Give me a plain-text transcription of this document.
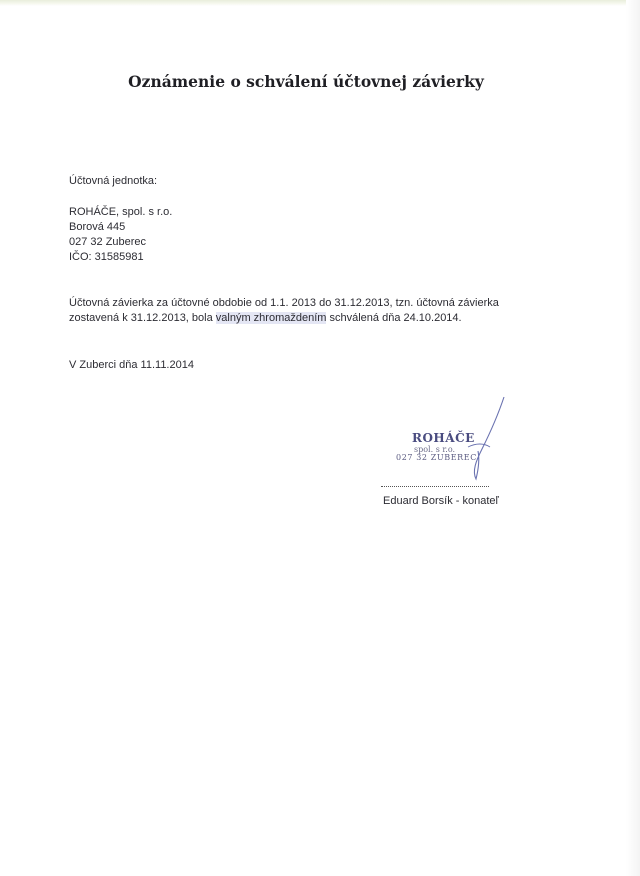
Oznámenie o schválení účtovnej závierky
Účtovná jednotka:
ROHÁČE, spol. s r.o.
Borová 445
027 32 Zuberec
IČO: 31585981
Účtovná závierka za účtovné obdobie od 1.1. 2013 do 31.12.2013, tzn. účtovná závierka
zostavená k 31.12.2013, bola valným zhromaždením schválená dňa 24.10.2014.
V Zuberci dňa 11.11.2014
ROHÁČE
spol. s r.o.
027 32 ZUBEREC
Eduard Borsík - konateľ
